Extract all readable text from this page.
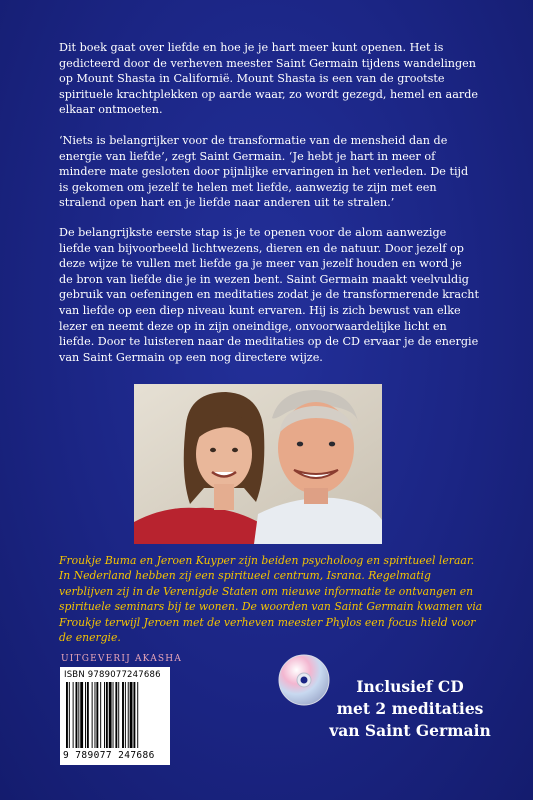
Dit boek gaat over liefde en hoe je je hart meer kunt openen. Het is gedicteerd door de verheven meester Saint Germain tijdens wandelingen op Mount Shasta in Californië. Mount Shasta is een van de grootste spirituele krachtplekken op aarde waar, zo wordt gezegd, hemel en aarde elkaar ontmoeten.

‘Niets is belangrijker voor de transformatie van de mensheid dan de energie van liefde’, zegt Saint Germain. ‘Je hebt je hart in meer of mindere mate gesloten door pijnlijke ervaringen in het verleden. De tijd is gekomen om jezelf te helen met liefde, aanwezig te zijn met een stralend open hart en je liefde naar anderen uit te stralen.’

De belangrijkste eerste stap is je te openen voor de alom aanwezige liefde van bijvoorbeeld lichtwezens, dieren en de natuur. Door jezelf op deze wijze te vullen met liefde ga je meer van jezelf houden en word je de bron van liefde die je in wezen bent. Saint Germain maakt veelvuldig gebruik van oefeningen en meditaties zodat je de transformerende kracht van liefde op een diep niveau kunt ervaren. Hij is zich bewust van elke lezer en neemt deze op in zijn oneindige, onvoorwaardelijke licht en liefde. Door te luisteren naar de meditaties op de CD ervaar je de energie van Saint Germain op een nog directere wijze.

Froukje Buma en Jeroen Kuyper zijn beiden psycholoog en spiritueel leraar. In Nederland hebben zij een spiritueel centrum, Israna. Regelmatig verblijven zij in de Verenigde Staten om nieuwe informatie te ontvangen en spirituele seminars bij te wonen. De woorden van Saint Germain kwamen via Froukje terwijl Jeroen met de verheven meester Phylos een focus hield voor de energie.

UITGEVERIJ AKASHA
ISBN 9789077247686
9 789077 247686

Inclusief CD
met 2 meditaties
van Saint Germain
